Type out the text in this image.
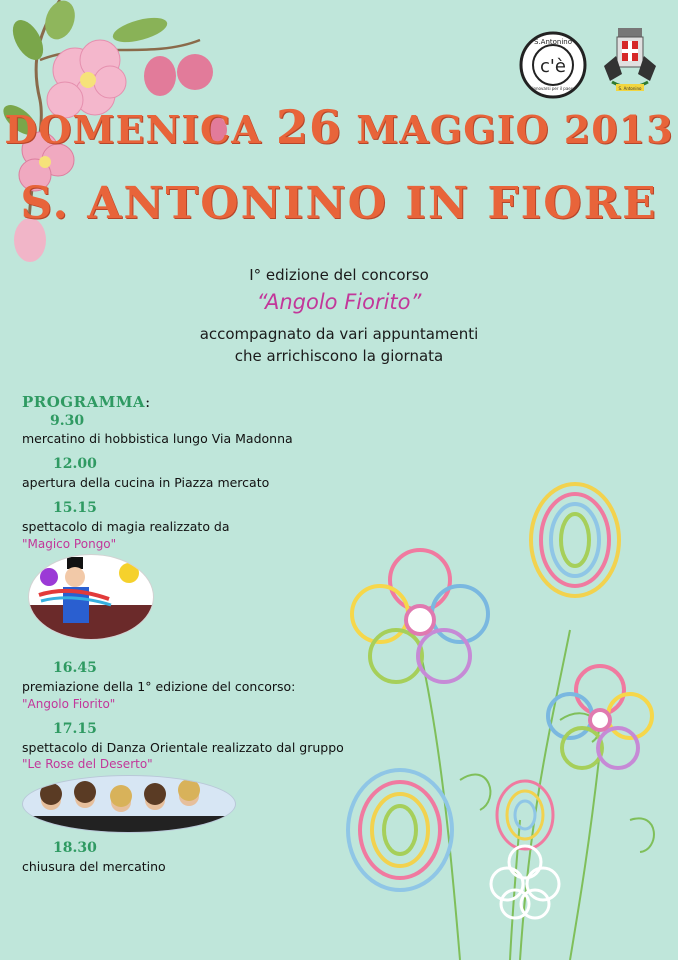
S.Antonino
c'è
rinnovarsi per il paese	S. Antonino
DOMENICA 26 MAGGIO 2013
S. ANTONINO IN FIORE
I° edizione del concorso
“Angolo Fiorito”
accompagnato da vari appuntamenti
che arrichiscono la giornata
PROGRAMMA:
9.30
mercatino di hobbistica lungo Via Madonna
12.00
apertura della cucina in Piazza mercato
15.15
spettacolo di magia realizzato da
"Magico Pongo"
16.45
premiazione della 1° edizione del concorso:
"Angolo Fiorito"
17.15
spettacolo di Danza Orientale realizzato dal gruppo
"Le Rose del Deserto"
18.30
chiusura del mercatino
